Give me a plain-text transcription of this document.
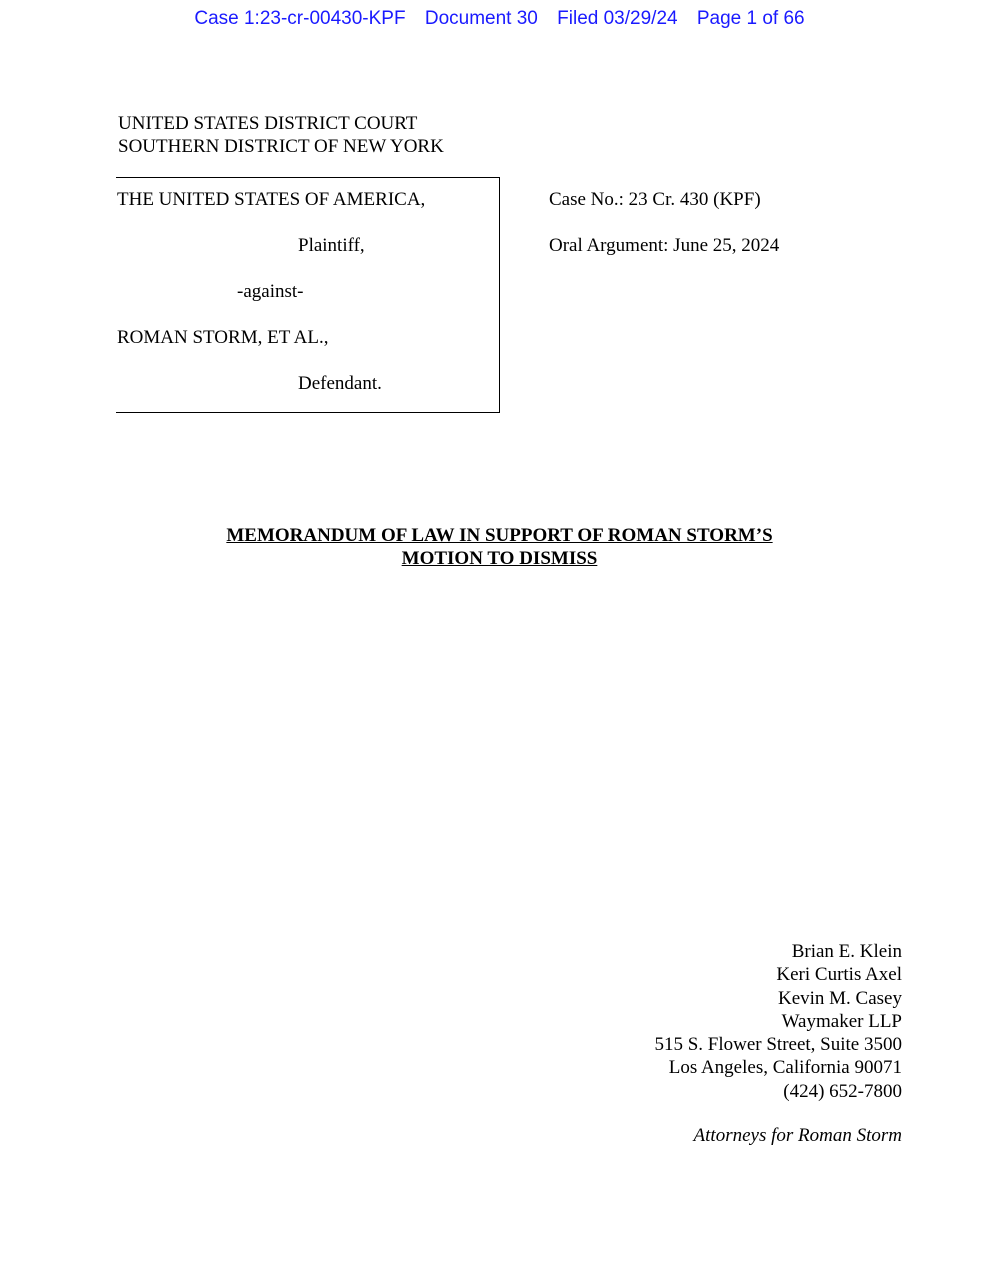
Case 1:23-cr-00430-KPF Document 30 Filed 03/29/24 Page 1 of 66
UNITED STATES DISTRICT COURT
SOUTHERN DISTRICT OF NEW YORK
THE UNITED STATES OF AMERICA,
Plaintiff,
-against-
ROMAN STORM, ET AL.,
Defendant.
Case No.: 23 Cr. 430 (KPF)
Oral Argument: June 25, 2024
MEMORANDUM OF LAW IN SUPPORT OF ROMAN STORM’S
MOTION TO DISMISS
Brian E. Klein
Keri Curtis Axel
Kevin M. Casey
Waymaker LLP
515 S. Flower Street, Suite 3500
Los Angeles, California 90071
(424) 652-7800
Attorneys for Roman Storm
